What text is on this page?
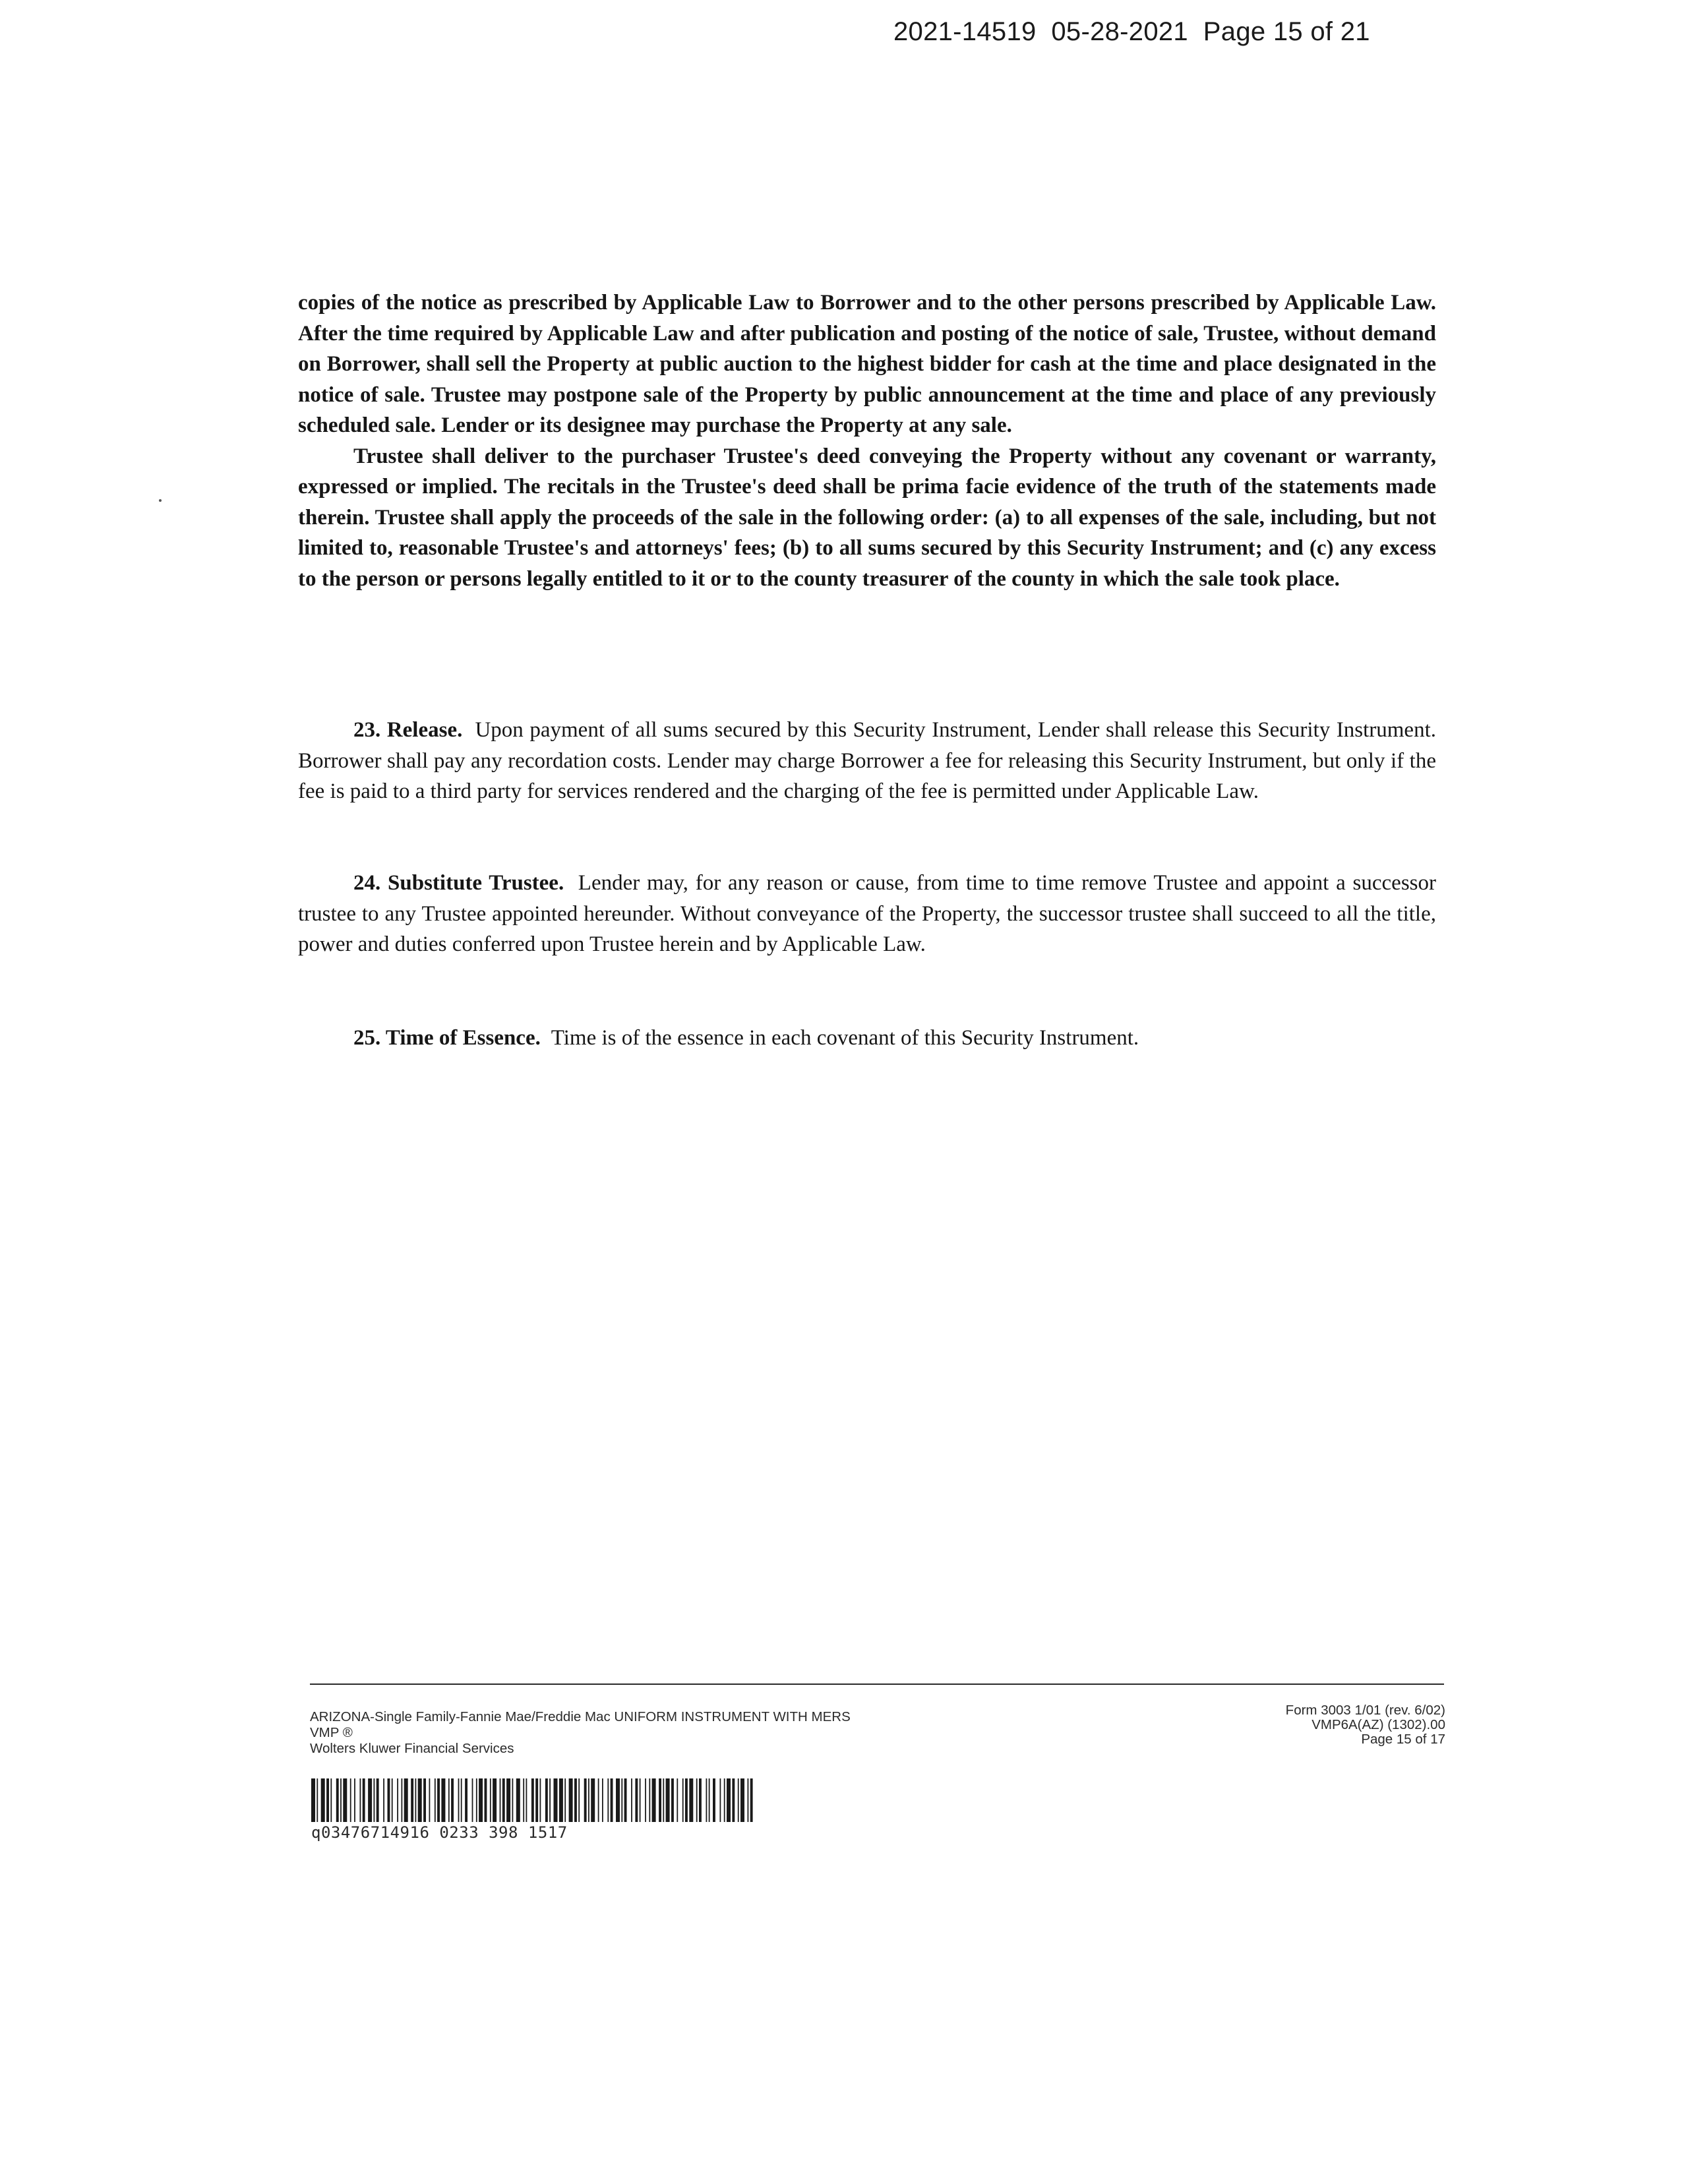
2021-14519  05-28-2021  Page 15 of 21

copies of the notice as prescribed by Applicable Law to Borrower and to the other persons prescribed by Applicable Law. After the time required by Applicable Law and after publication and posting of the notice of sale, Trustee, without demand on Borrower, shall sell the Property at public auction to the highest bidder for cash at the time and place designated in the notice of sale. Trustee may postpone sale of the Property by public announcement at the time and place of any previously scheduled sale. Lender or its designee may purchase the Property at any sale.

Trustee shall deliver to the purchaser Trustee's deed conveying the Property without any covenant or warranty, expressed or implied. The recitals in the Trustee's deed shall be prima facie evidence of the truth of the statements made therein. Trustee shall apply the proceeds of the sale in the following order: (a) to all expenses of the sale, including, but not limited to, reasonable Trustee's and attorneys' fees; (b) to all sums secured by this Security Instrument; and (c) any excess to the person or persons legally entitled to it or to the county treasurer of the county in which the sale took place.

23. Release. Upon payment of all sums secured by this Security Instrument, Lender shall release this Security Instrument. Borrower shall pay any recordation costs. Lender may charge Borrower a fee for releasing this Security Instrument, but only if the fee is paid to a third party for services rendered and the charging of the fee is permitted under Applicable Law.
24. Substitute Trustee. Lender may, for any reason or cause, from time to time remove Trustee and appoint a successor trustee to any Trustee appointed hereunder. Without conveyance of the Property, the successor trustee shall succeed to all the title, power and duties conferred upon Trustee herein and by Applicable Law.
25. Time of Essence. Time is of the essence in each covenant of this Security Instrument.
ARIZONA-Single Family-Fannie Mae/Freddie Mac UNIFORM INSTRUMENT WITH MERS
VMP ®
Wolters Kluwer Financial Services
Form 3003 1/01 (rev. 6/02)
VMP6A(AZ) (1302).00
Page 15 of 17
q03476714916 0233 398 1517
